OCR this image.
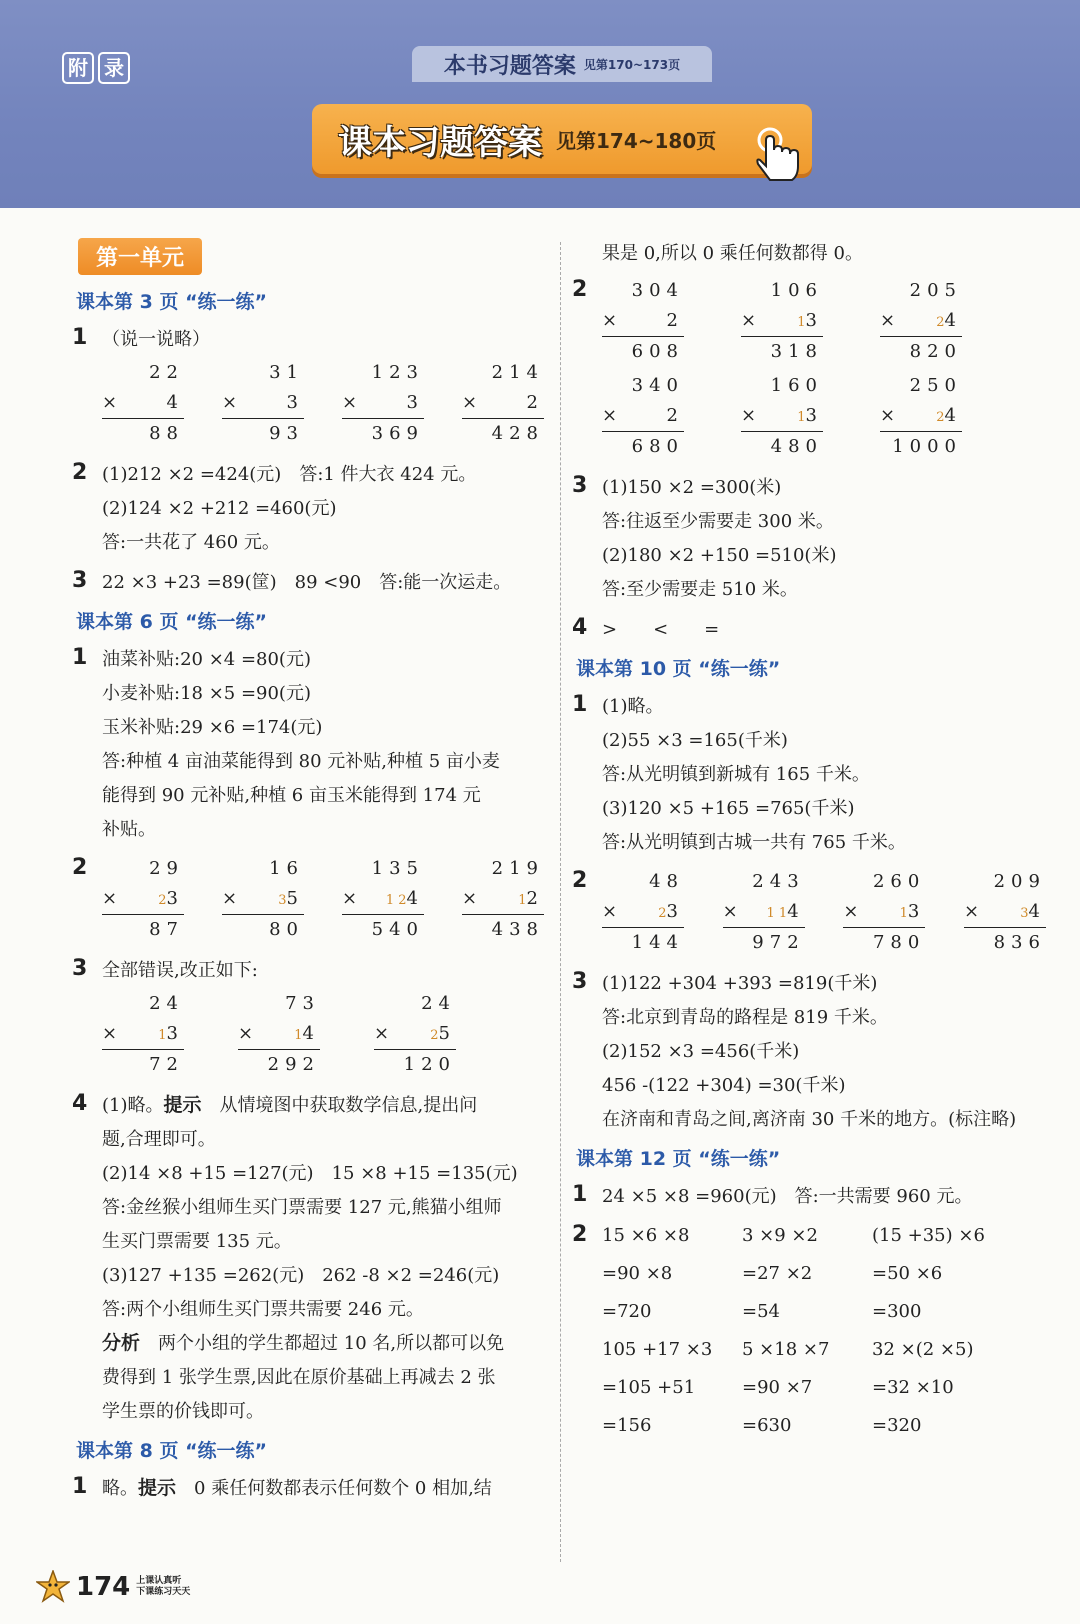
附 录	本书习题答案 见第170~173页
课本习题答案 见第174~180页
第一单元
课本第 3 页 “练一练”
1 （说一说略）
22
×	4
88
31
×	3
93
123
×	3
369
214
×	2
428
2 (1)212 ×2 =424(元)　答:1 件大衣 424 元。
(2)124 ×2 +212 =460(元)
答:一共花了 460 元。
3 22 ×3 +23 =89(筐)　89 <90　答:能一次运走。
课本第 6 页 “练一练”
1 油菜补贴:20 ×4 =80(元)
小麦补贴:18 ×5 =90(元)
玉米补贴:29 ×6 =174(元)
答:种植 4 亩油菜能得到 80 元补贴,种植 5 亩小麦
能得到 90 元补贴,种植 6 亩玉米能得到 174 元
补贴。
2	29
×	23
87
16
×	35
80
135
× 1 24
540
219
×	12
438
3 全部错误,改正如下:
24
×	13
72
73
×	14
292
24
×	25
120
4 (1)略。提示　从情境图中获取数学信息,提出问
题,合理即可。
(2)14 ×8 +15 =127(元)　15 ×8 +15 =135(元)
答:金丝猴小组师生买门票需要 127 元,熊猫小组师
生买门票需要 135 元。
(3)127 +135 =262(元)　262 -8 ×2 =246(元)
答:两个小组师生买门票共需要 246 元。
分析　两个小组的学生都超过 10 名,所以都可以免
费得到 1 张学生票,因此在原价基础上再减去 2 张
学生票的价钱即可。
课本第 8 页 “练一练”
1 略。提示　0 乘任何数都表示任何数个 0 相加,结
果是 0,所以 0 乘任何数都得 0。
2	304
×	2
608
106
×	13
318
205
×	24
820
340
×	2
680
160
×	13
480
250
×	24
1000
3 (1)150 ×2 =300(米)
答:往返至少需要走 300 米。
(2)180 ×2 +150 =510(米)
答:至少需要走 510 米。
4 >　　<　　=
课本第 10 页 “练一练”
1 (1)略。
(2)55 ×3 =165(千米)
答:从光明镇到新城有 165 千米。
(3)120 ×5 +165 =765(千米)
答:从光明镇到古城一共有 765 千米。
2	48
×	23
144
243
× 1 14
972
260
×	13
780
209
×	34
836
3 (1)122 +304 +393 =819(千米)
答:北京到青岛的路程是 819 千米。
(2)152 ×3 =456(千米)
456 -(122 +304) =30(千米)
在济南和青岛之间,离济南 30 千米的地方。(标注略)
课本第 12 页 “练一练”
1 24 ×5 ×8 =960(元)　答:一共需要 960 元。
2 15 ×6 ×8	3 ×9 ×2	(15 +35) ×6
=90 ×8	=27 ×2	=50 ×6
=720	=54	=300
105 +17 ×3	5 ×18 ×7	32 ×(2 ×5)
=105 +51	=90 ×7	=32 ×10
=156	=630	=320
174 上课认真听
下课练习天天
